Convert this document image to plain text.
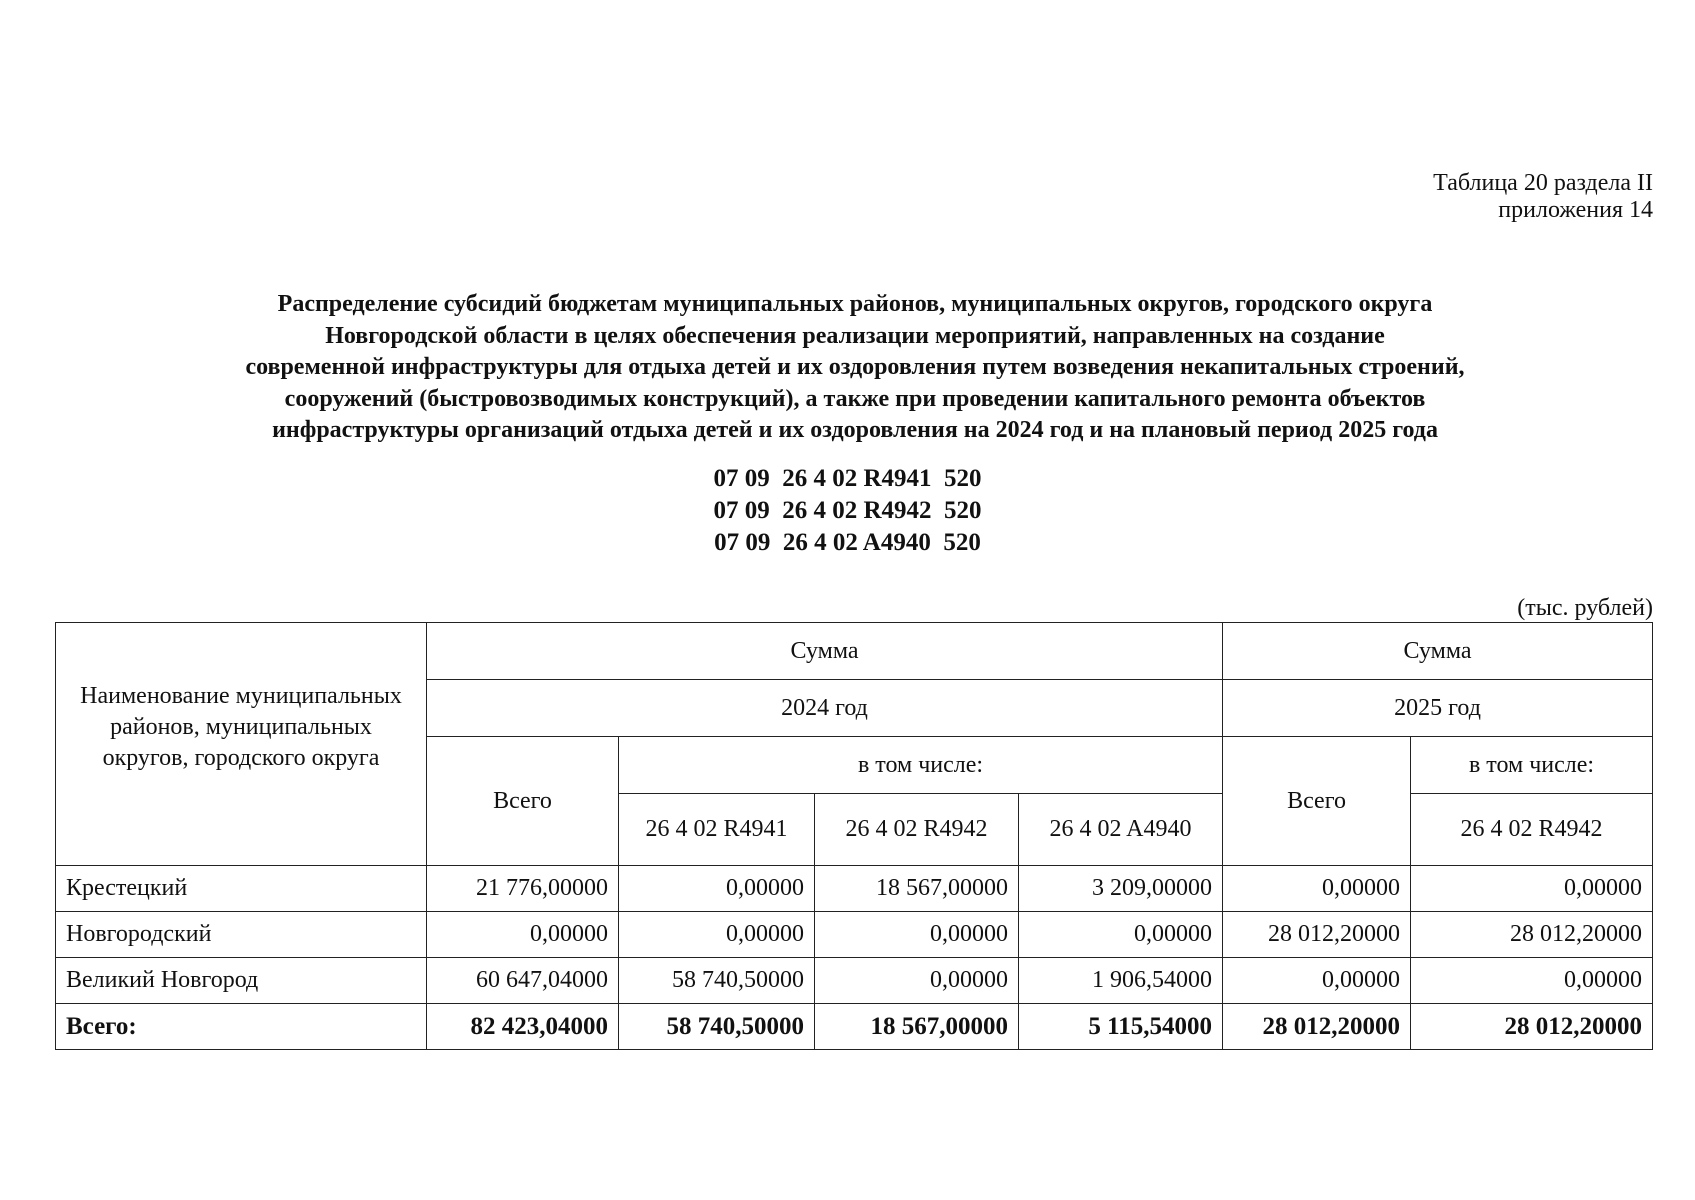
Таблица 20 раздела II
приложения 14
Распределение субсидий бюджетам муниципальных районов, муниципальных округов, городского округа
Новгородской области в целях обеспечения реализации мероприятий, направленных на создание
современной инфраструктуры для отдыха детей и их оздоровления путем возведения некапитальных строений,
сооружений (быстровозводимых конструкций), а также при проведении капитального ремонта объектов
инфраструктуры организаций отдыха детей и их оздоровления на 2024 год и на плановый период 2025 года
07 09  26 4 02 R4941  520
07 09  26 4 02 R4942  520
07 09  26 4 02 A4940  520
(тыс. рублей)
Наименование муниципальных районов, муниципальных округов, городского округа	Сумма				Сумма	
	2024 год				2025 год	
	Всего	в том числе:			Всего	в том числе:
		26 4 02 R4941	26 4 02 R4942	26 4 02 A4940		26 4 02 R4942
Крестецкий	21 776,00000	0,00000	18 567,00000	3 209,00000	0,00000	0,00000
Новгородский	0,00000	0,00000	0,00000	0,00000	28 012,20000	28 012,20000
Великий Новгород	60 647,04000	58 740,50000	0,00000	1 906,54000	0,00000	0,00000
Всего:	82 423,04000	58 740,50000	18 567,00000	5 115,54000	28 012,20000	28 012,20000
